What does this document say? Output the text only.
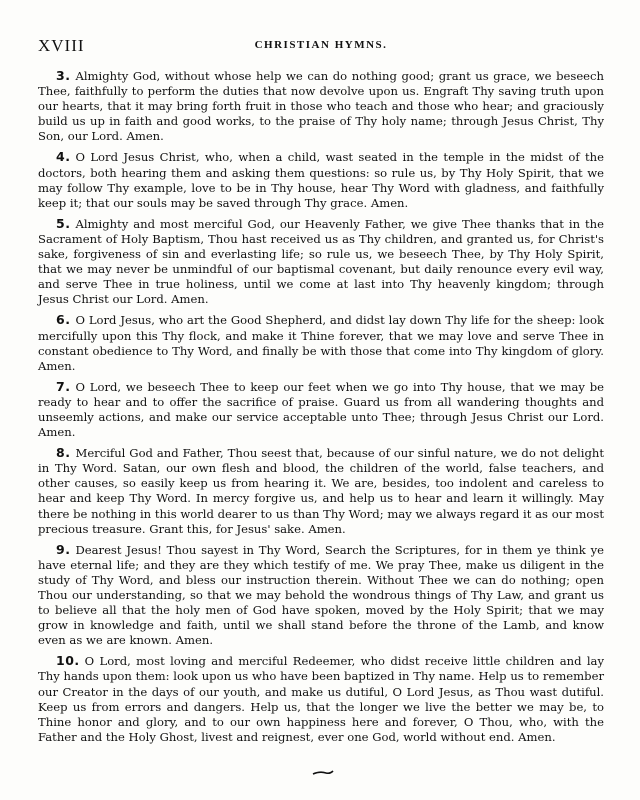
XVIII	CHRISTIAN HYMNS.

3. Almighty God, without whose help we can do nothing good; grant us grace, we beseech Thee, faithfully to perform the duties that now devolve upon us. Engraft Thy saving truth upon our hearts, that it may bring forth fruit in those who teach and those who hear; and graciously build us up in faith and good works, to the praise of Thy holy name; through Jesus Christ, Thy Son, our Lord. Amen.

4. O Lord Jesus Christ, who, when a child, wast seated in the temple in the midst of the doctors, both hearing them and asking them questions: so rule us, by Thy Holy Spirit, that we may follow Thy example, love to be in Thy house, hear Thy Word with gladness, and faithfully keep it; that our souls may be saved through Thy grace. Amen.

5. Almighty and most merciful God, our Heavenly Father, we give Thee thanks that in the Sacrament of Holy Baptism, Thou hast received us as Thy children, and granted us, for Christ's sake, forgiveness of sin and everlasting life; so rule us, we beseech Thee, by Thy Holy Spirit, that we may never be unmindful of our baptismal covenant, but daily renounce every evil way, and serve Thee in true holiness, until we come at last into Thy heavenly kingdom; through Jesus Christ our Lord. Amen.

6. O Lord Jesus, who art the Good Shepherd, and didst lay down Thy life for the sheep: look mercifully upon this Thy flock, and make it Thine forever, that we may love and serve Thee in constant obedience to Thy Word, and finally be with those that come into Thy kingdom of glory. Amen.

7. O Lord, we beseech Thee to keep our feet when we go into Thy house, that we may be ready to hear and to offer the sacrifice of praise. Guard us from all wandering thoughts and unseemly actions, and make our service acceptable unto Thee; through Jesus Christ our Lord. Amen.

8. Merciful God and Father, Thou seest that, because of our sinful nature, we do not delight in Thy Word. Satan, our own flesh and blood, the children of the world, false teachers, and other causes, so easily keep us from hearing it. We are, besides, too indolent and careless to hear and keep Thy Word. In mercy forgive us, and help us to hear and learn it willingly. May there be nothing in this world dearer to us than Thy Word; may we always regard it as our most precious treasure. Grant this, for Jesus' sake. Amen.

9. Dearest Jesus! Thou sayest in Thy Word, Search the Scriptures, for in them ye think ye have eternal life; and they are they which testify of me. We pray Thee, make us diligent in the study of Thy Word, and bless our instruction therein. Without Thee we can do nothing; open Thou our understanding, so that we may behold the wondrous things of Thy Law, and grant us to believe all that the holy men of God have spoken, moved by the Holy Spirit; that we may grow in knowledge and faith, until we shall stand before the throne of the Lamb, and know even as we are known. Amen.

10. O Lord, most loving and merciful Redeemer, who didst receive little children and lay Thy hands upon them: look upon us who have been baptized in Thy name. Help us to remember our Creator in the days of our youth, and make us dutiful, O Lord Jesus, as Thou wast dutiful. Keep us from errors and dangers. Help us, that the longer we live the better we may be, to Thine honor and glory, and to our own happiness here and forever, O Thou, who, with the Father and the Holy Ghost, livest and reignest, ever one God, world without end. Amen.
